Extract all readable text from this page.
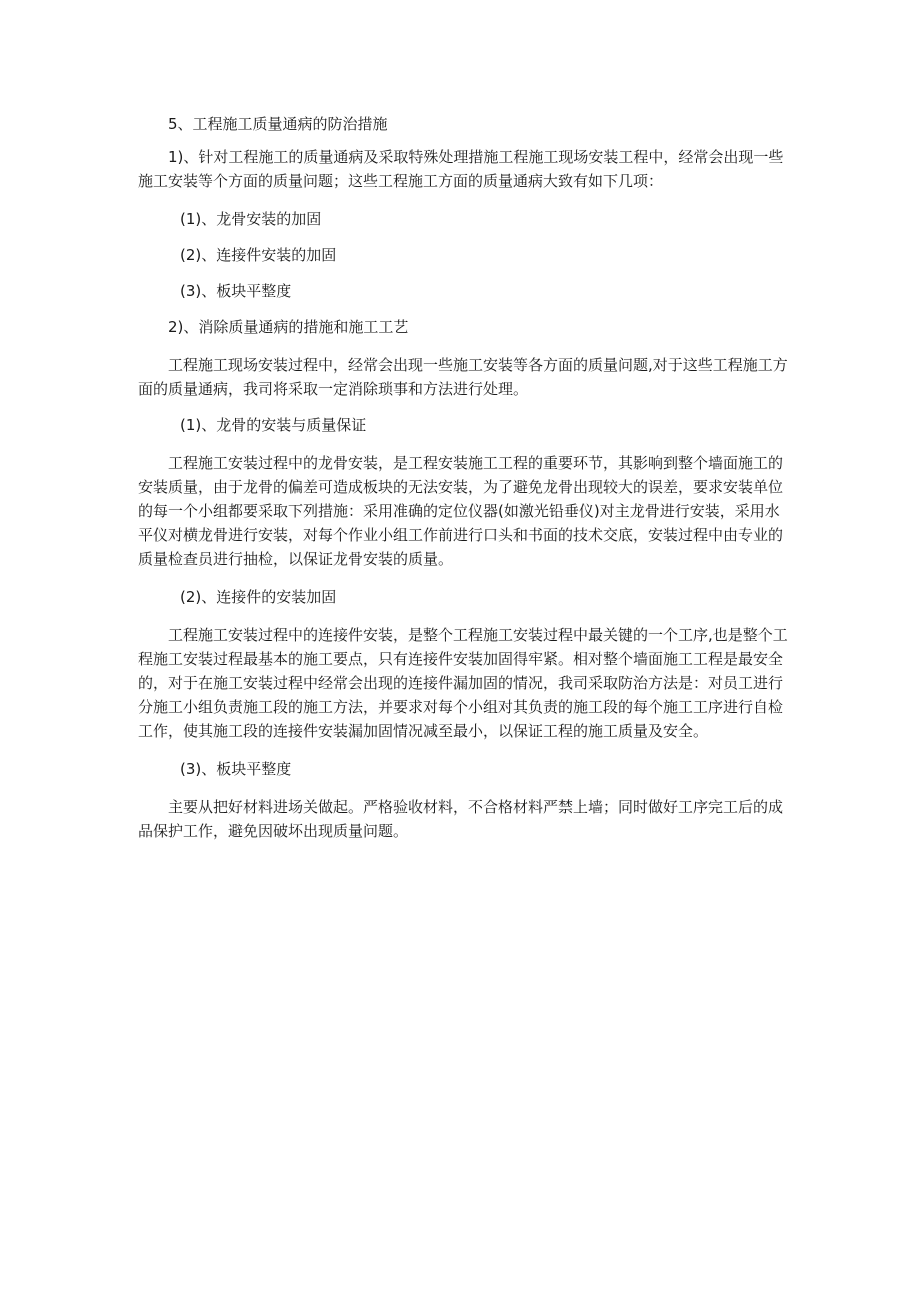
5、工程施工质量通病的防治措施

1)、针对工程施工的质量通病及采取特殊处理措施工程施工现场安装工程中，经常会出现一些施工安装等个方面的质量问题；这些工程施工方面的质量通病大致有如下几项：

(1)、龙骨安装的加固

(2)、连接件安装的加固

(3)、板块平整度

2)、消除质量通病的措施和施工工艺

工程施工现场安装过程中，经常会出现一些施工安装等各方面的质量问题,对于这些工程施工方面的质量通病，我司将采取一定消除琐事和方法进行处理。

(1)、龙骨的安装与质量保证

工程施工安装过程中的龙骨安装，是工程安装施工工程的重要环节，其影响到整个墙面施工的安装质量，由于龙骨的偏差可造成板块的无法安装，为了避免龙骨出现较大的误差，要求安装单位的每一个小组都要采取下列措施：采用准确的定位仪器(如激光铅垂仪)对主龙骨进行安装，采用水平仪对横龙骨进行安装，对每个作业小组工作前进行口头和书面的技术交底，安装过程中由专业的质量检查员进行抽检，以保证龙骨安装的质量。

(2)、连接件的安装加固

工程施工安装过程中的连接件安装，是整个工程施工安装过程中最关键的一个工序,也是整个工程施工安装过程最基本的施工要点，只有连接件安装加固得牢紧。相对整个墙面施工工程是最安全的，对于在施工安装过程中经常会出现的连接件漏加固的情况，我司采取防治方法是：对员工进行分施工小组负责施工段的施工方法，并要求对每个小组对其负责的施工段的每个施工工序进行自检工作，使其施工段的连接件安装漏加固情况减至最小，以保证工程的施工质量及安全。

(3)、板块平整度

主要从把好材料进场关做起。严格验收材料，不合格材料严禁上墙；同时做好工序完工后的成品保护工作，避免因破坏出现质量问题。
